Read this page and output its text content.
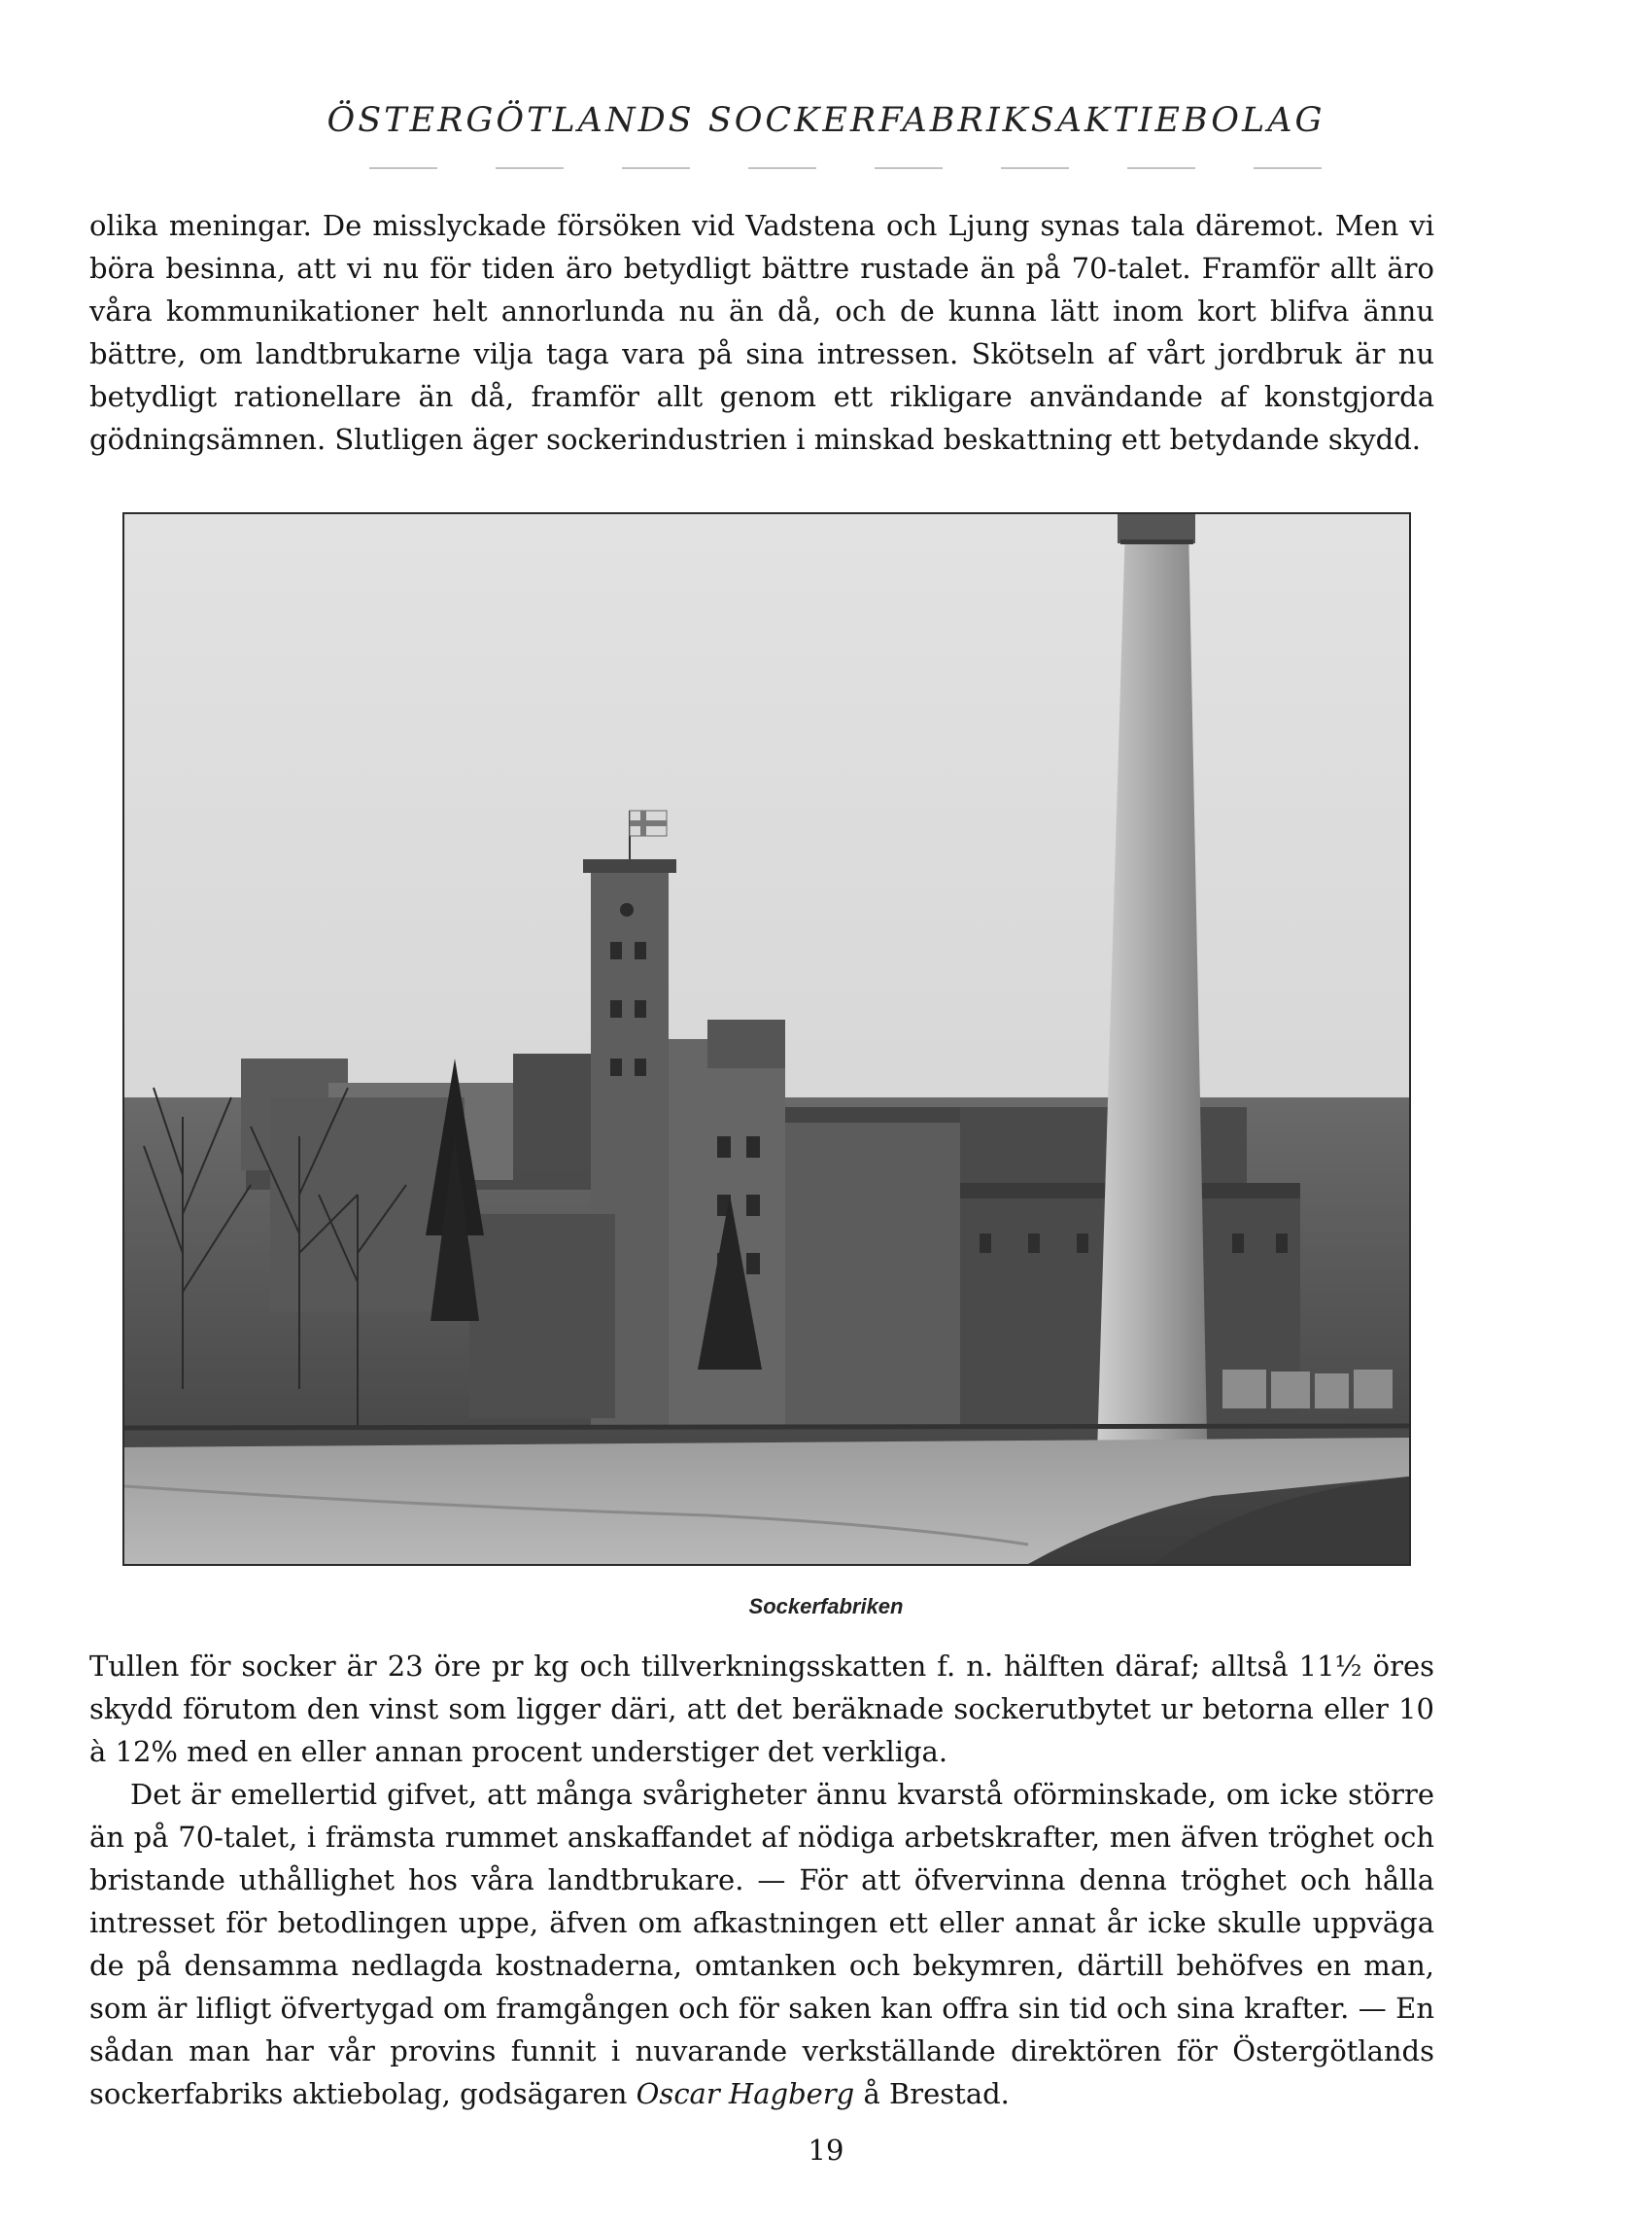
ÖSTERGÖTLANDS SOCKERFABRIKSAKTIEBOLAG

olika meningar. De misslyckade försöken vid Vadstena och Ljung synas tala däremot. Men vi böra besinna, att vi nu för tiden äro betydligt bättre rustade än på 70-talet. Framför allt äro våra kommunikationer helt annorlunda nu än då, och de kunna lätt inom kort blifva ännu bättre, om landtbrukarne vilja taga vara på sina intressen. Skötseln af vårt jordbruk är nu betydligt rationellare än då, framför allt genom ett rikligare användande af konstgjorda gödningsämnen. Slutligen äger sockerindustrien i minskad beskattning ett betydande skydd.

Sockerfabriken

Tullen för socker är 23 öre pr kg och tillverkningsskatten f. n. hälften däraf; alltså 11½ öres skydd förutom den vinst som ligger däri, att det beräknade sockerutbytet ur betorna eller 10 à 12% med en eller annan procent understiger det verkliga.

Det är emellertid gifvet, att många svårigheter ännu kvarstå oförminskade, om icke större än på 70-talet, i främsta rummet anskaffandet af nödiga arbetskrafter, men äfven tröghet och bristande uthållighet hos våra landtbrukare. — För att öfvervinna denna tröghet och hålla intresset för betodlingen uppe, äfven om afkastningen ett eller annat år icke skulle uppväga de på densamma nedlagda kostnaderna, omtanken och bekymren, därtill behöfves en man, som är lifligt öfvertygad om framgången och för saken kan offra sin tid och sina krafter. — En sådan man har vår provins funnit i nuvarande verkställande direktören för Östergötlands sockerfabriks aktiebolag, godsägaren Oscar Hagberg å Brestad.

19
